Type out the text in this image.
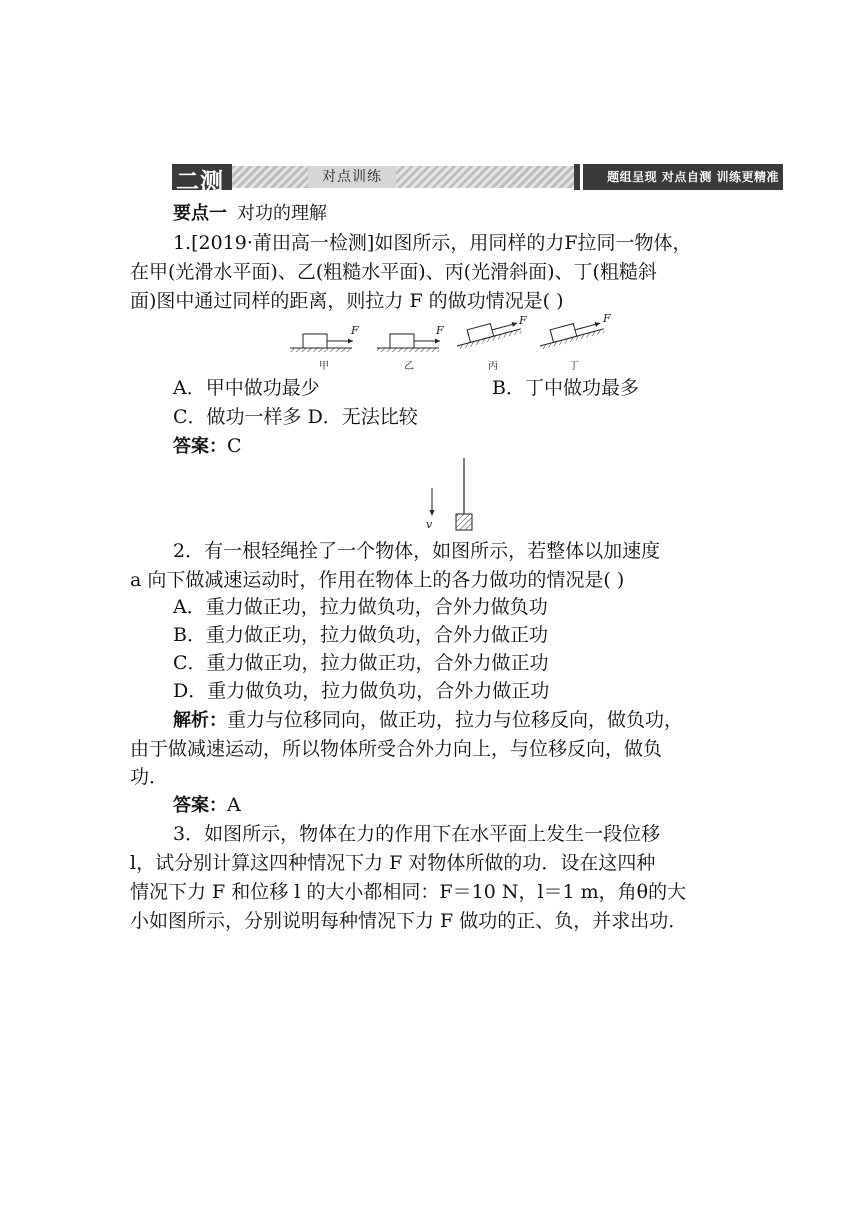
对点训练
二测	题组呈现 对点自测 训练更精准
要点一 对功的理解
1.[2019·莆田高一检测]如图所示，用同样的力F拉同一物体，
在甲(光滑水平面)、乙(粗糙水平面)、丙(光滑斜面)、丁(粗糙斜
面)图中通过同样的距离，则拉力 F 的做功情况是( )
F
甲
F
乙
F
丙
F
丁
A．甲中做功最少	B．丁中做功最多
C．做功一样多 D．无法比较
答案：C
v
2．有一根轻绳拴了一个物体，如图所示，若整体以加速度
a 向下做减速运动时，作用在物体上的各力做功的情况是( )
A．重力做正功，拉力做负功，合外力做负功
B．重力做正功，拉力做负功，合外力做正功
C．重力做正功，拉力做正功，合外力做正功
D．重力做负功，拉力做负功，合外力做正功
解析：重力与位移同向，做正功，拉力与位移反向，做负功，
由于做减速运动，所以物体所受合外力向上，与位移反向，做负
功．
答案：A
3．如图所示，物体在力的作用下在水平面上发生一段位移
l，试分别计算这四种情况下力 F 对物体所做的功．设在这四种
情况下力 F 和位移 l 的大小都相同：F＝10 N，l＝1 m，角θ的大
小如图所示，分别说明每种情况下力 F 做功的正、负，并求出功．
